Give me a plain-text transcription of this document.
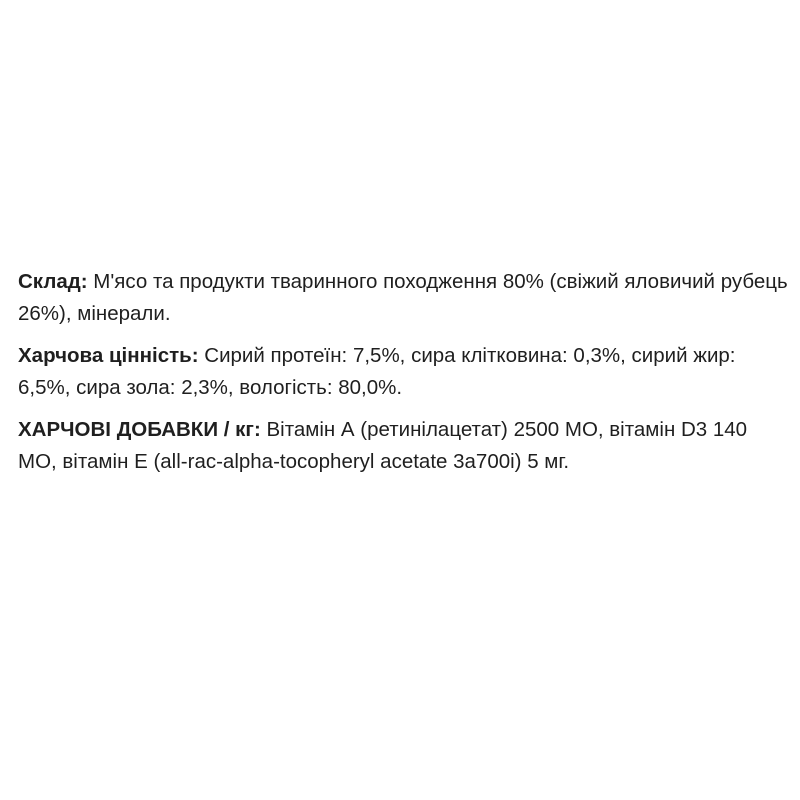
Склад: М'ясо та продукти тваринного походження 80% (свіжий яловичий рубець 26%), мінерали.

Харчова цінність: Сирий протеїн: 7,5%, сира клітковина: 0,3%, сирий жир: 6,5%, сира зола: 2,3%, вологість: 80,0%.

ХАРЧОВІ ДОБАВКИ / кг: Вітамін А (ретинілацетат) 2500 МО, вітамін D3 140 МО, вітамін Е (all-rac-alpha-tocopheryl acetate 3a700i) 5 мг.
